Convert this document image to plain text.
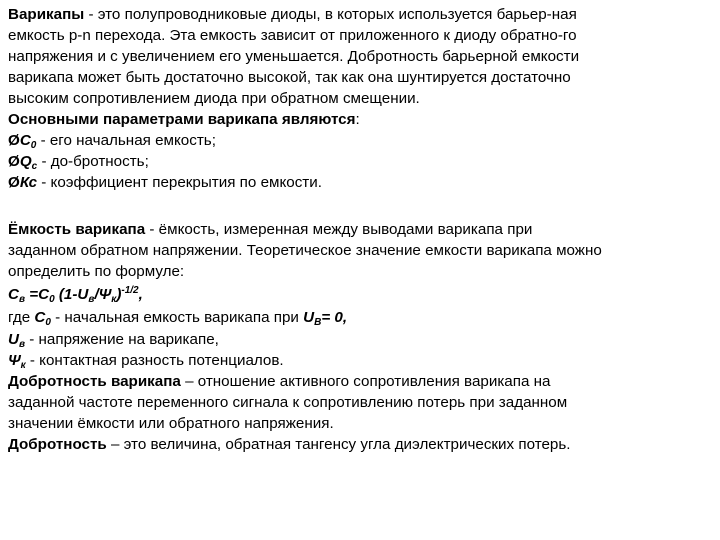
Варикапы - это полупроводниковые диоды, в которых используется барьер-ная
емкость p-n перехода. Эта емкость зависит от приложенного к диоду обратно-го
напряжения и с увеличением его уменьшается. Добротность барьерной емкости
варикапа может быть достаточно высокой, так как она шунтируется достаточно
высоким сопротивлением диода при обратном смещении.
Основными параметрами варикапа являются:
$ØC_0$ - его начальная емкость;
$ØQ_c$ - до-бротность;
ØКс - коэффициент перекрытия по емкости.
Ёмкость варикапа - ёмкость, измеренная между выводами варикапа при
заданном обратном напряжении. Теоретическое значение емкости варикапа можно
определить по формуле:
$C_в =C_0$ $(1-U_в/\Psi_к)^{-1/2}$,
где $C_0$ - начальная емкость варикапа при $U_В= 0$,
$U_в$ - напряжение на варикапе,
$\Psi_к$ - контактная разность потенциалов.
Добротность варикапа – отношение активного сопротивления варикапа на
заданной частоте переменного сигнала к сопротивлению потерь при заданном
значении ёмкости или обратного напряжения.
Добротность – это величина, обратная тангенсу угла диэлектрических потерь.
